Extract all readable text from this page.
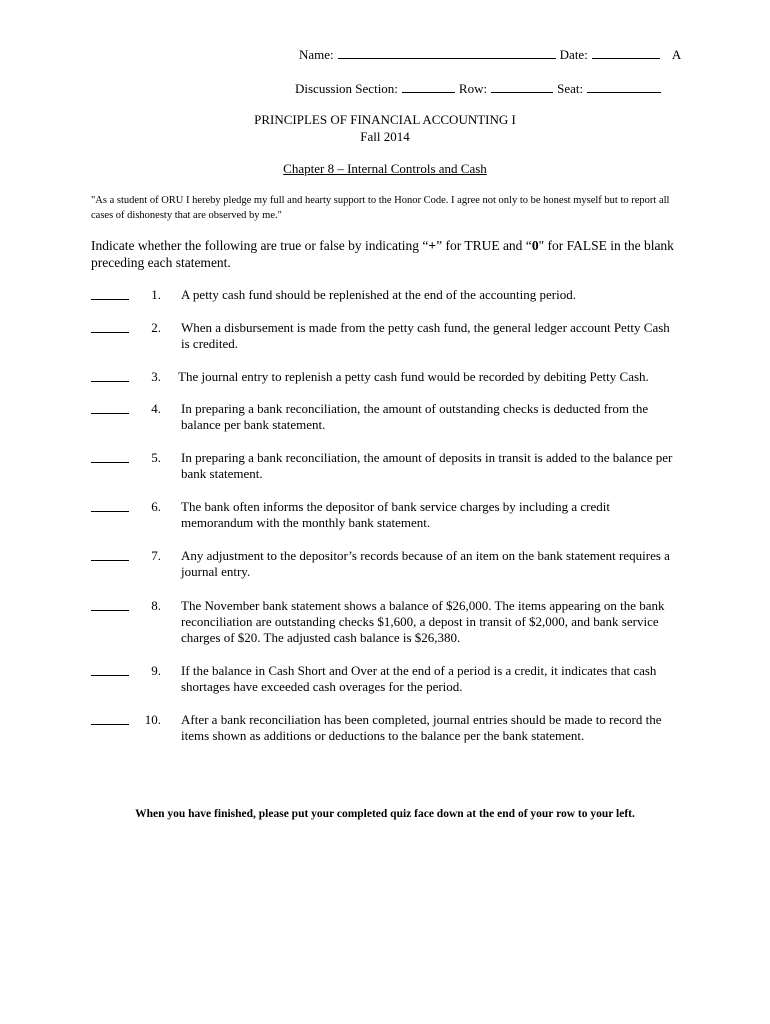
Name:	Date:	A
Discussion Section:	Row:	Seat:
PRINCIPLES OF FINANCIAL ACCOUNTING I
Fall 2014
Chapter 8 – Internal Controls and Cash
"As a student of ORU I hereby pledge my full and hearty support to the Honor Code. I agree not only to be honest myself but to report all cases of dishonesty that are observed by me."
Indicate whether the following are true or false by indicating “+” for TRUE and “0" for FALSE in the blank preceding each statement.
1. A petty cash fund should be replenished at the end of the accounting period.
2. When a disbursement is made from the petty cash fund, the general ledger account Petty Cash is credited.
3. The journal entry to replenish a petty cash fund would be recorded by debiting Petty Cash.
4. In preparing a bank reconciliation, the amount of outstanding checks is deducted from the balance per bank statement.
5. In preparing a bank reconciliation, the amount of deposits in transit is added to the balance per bank statement.
6. The bank often informs the depositor of bank service charges by including a credit memorandum with the monthly bank statement.
7. Any adjustment to the depositor’s records because of an item on the bank statement requires a journal entry.
8. The November bank statement shows a balance of $26,000. The items appearing on the bank reconciliation are outstanding checks $1,600, a depost in transit of $2,000, and bank service charges of $20. The adjusted cash balance is $26,380.
9. If the balance in Cash Short and Over at the end of a period is a credit, it indicates that cash shortages have exceeded cash overages for the period.
10. After a bank reconciliation has been completed, journal entries should be made to record the items shown as additions or deductions to the balance per the bank statement.
When you have finished, please put your completed quiz face down at the end of your row to your left.
